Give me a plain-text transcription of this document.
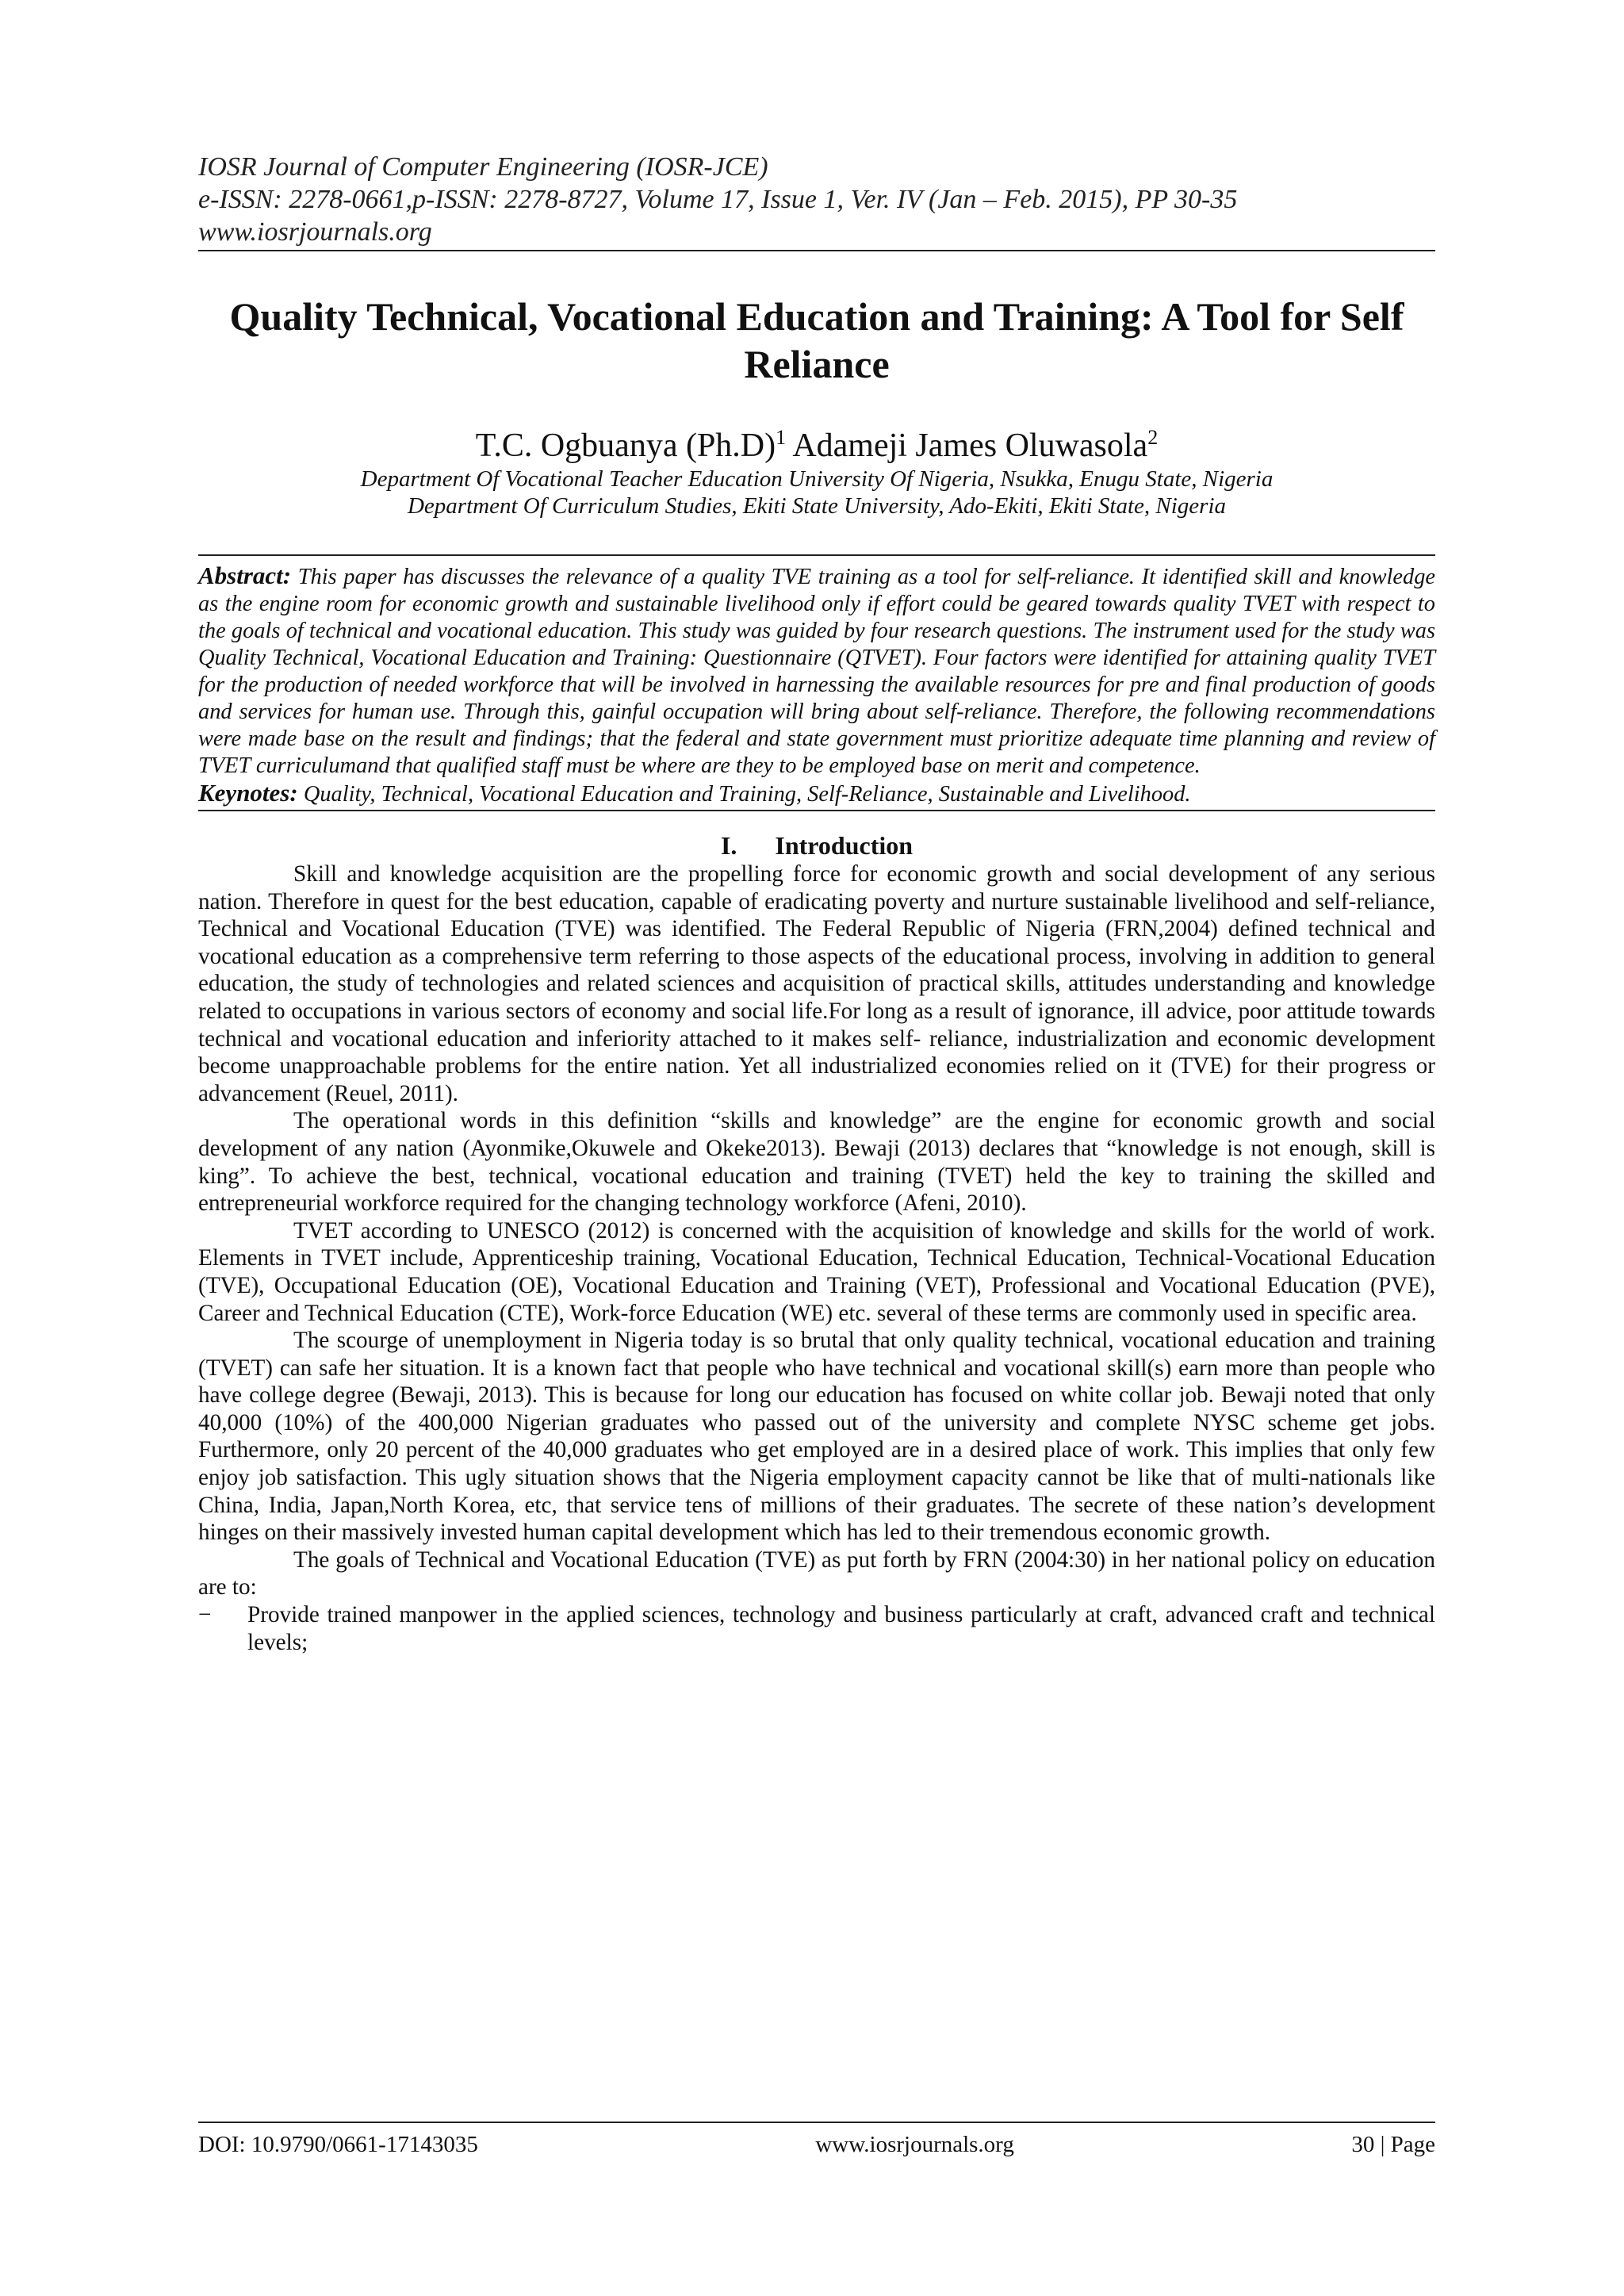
IOSR Journal of Computer Engineering (IOSR-JCE)
e-ISSN: 2278-0661,p-ISSN: 2278-8727, Volume 17, Issue 1, Ver. IV (Jan – Feb. 2015), PP 30-35
www.iosrjournals.org
Quality Technical, Vocational Education and Training: A Tool for Self Reliance
T.C. Ogbuanya $(Ph.D)^1$ Adameji James Oluwasola$^2$
Department Of Vocational Teacher Education University Of Nigeria, Nsukka, Enugu State, Nigeria
Department Of Curriculum Studies, Ekiti State University, Ado-Ekiti, Ekiti State, Nigeria
Abstract: This paper has discusses the relevance of a quality TVE training as a tool for self-reliance. It identified skill and knowledge as the engine room for economic growth and sustainable livelihood only if effort could be geared towards quality TVET with respect to the goals of technical and vocational education. This study was guided by four research questions. The instrument used for the study was Quality Technical, Vocational Education and Training: Questionnaire (QTVET). Four factors were identified for attaining quality TVET for the production of needed workforce that will be involved in harnessing the available resources for pre and final production of goods and services for human use. Through this, gainful occupation will bring about self-reliance. Therefore, the following recommendations were made base on the result and findings; that the federal and state government must prioritize adequate time planning and review of TVET curriculumand that qualified staff must be where are they to be employed base on merit and competence.
Keynotes: Quality, Technical, Vocational Education and Training, Self-Reliance, Sustainable and Livelihood.
I. Introduction

Skill and knowledge acquisition are the propelling force for economic growth and social development of any serious nation. Therefore in quest for the best education, capable of eradicating poverty and nurture sustainable livelihood and self-reliance, Technical and Vocational Education (TVE) was identified. The Federal Republic of Nigeria (FRN,2004) defined technical and vocational education as a comprehensive term referring to those aspects of the educational process, involving in addition to general education, the study of technologies and related sciences and acquisition of practical skills, attitudes understanding and knowledge related to occupations in various sectors of economy and social life.For long as a result of ignorance, ill advice, poor attitude towards technical and vocational education and inferiority attached to it makes self- reliance, industrialization and economic development become unapproachable problems for the entire nation. Yet all industrialized economies relied on it (TVE) for their progress or advancement (Reuel, 2011).

The operational words in this definition “skills and knowledge” are the engine for economic growth and social development of any nation (Ayonmike,Okuwele and Okeke2013). Bewaji (2013) declares that “knowledge is not enough, skill is king”. To achieve the best, technical, vocational education and training (TVET) held the key to training the skilled and entrepreneurial workforce required for the changing technology workforce (Afeni, 2010).

TVET according to UNESCO (2012) is concerned with the acquisition of knowledge and skills for the world of work. Elements in TVET include, Apprenticeship training, Vocational Education, Technical Education, Technical-Vocational Education (TVE), Occupational Education (OE), Vocational Education and Training (VET), Professional and Vocational Education (PVE), Career and Technical Education (CTE), Work-force Education (WE) etc. several of these terms are commonly used in specific area.

The scourge of unemployment in Nigeria today is so brutal that only quality technical, vocational education and training (TVET) can safe her situation. It is a known fact that people who have technical and vocational skill(s) earn more than people who have college degree (Bewaji, 2013). This is because for long our education has focused on white collar job. Bewaji noted that only 40,000 (10%) of the 400,000 Nigerian graduates who passed out of the university and complete NYSC scheme get jobs. Furthermore, only 20 percent of the 40,000 graduates who get employed are in a desired place of work. This implies that only few enjoy job satisfaction. This ugly situation shows that the Nigeria employment capacity cannot be like that of multi-nationals like China, India, Japan,North Korea, etc, that service tens of millions of their graduates. The secrete of these nation’s development hinges on their massively invested human capital development which has led to their tremendous economic growth.

The goals of Technical and Vocational Education (TVE) as put forth by FRN (2004:30) in her national policy on education are to:

− Provide trained manpower in the applied sciences, technology and business particularly at craft, advanced craft and technical levels;
DOI: 10.9790/0661-17143035	www.iosrjournals.org	30 | Page
